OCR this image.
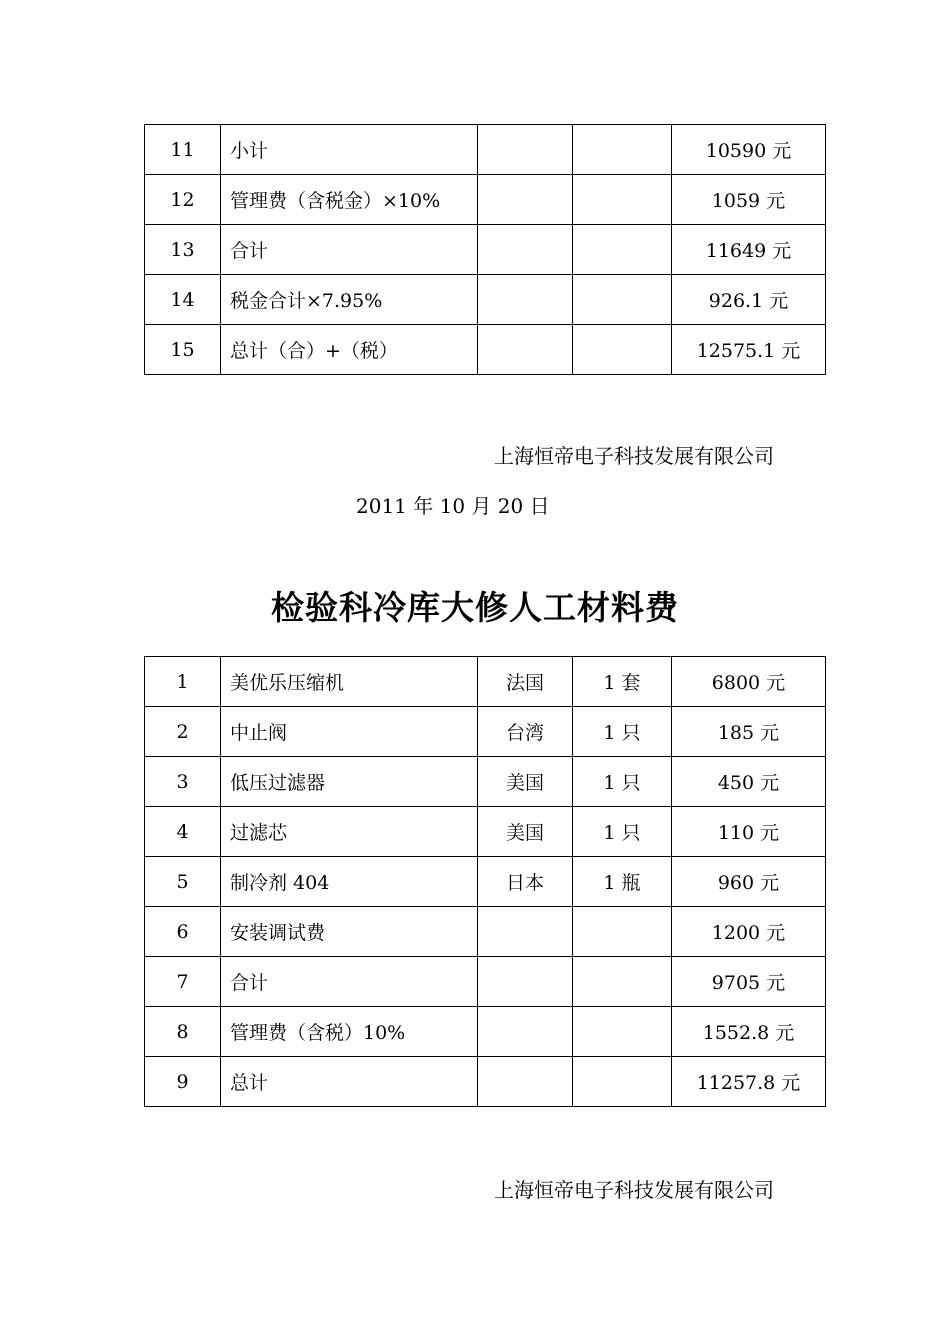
11	小计			10590 元
12	管理费（含税金）×10%			1059 元
13	合计			11649 元
14	税金合计×7.95%			926.1 元
15	总计（合）+（税）			12575.1 元
上海恒帝电子科技发展有限公司
2011 年 10 月 20 日
检验科冷库大修人工材料费
1	美优乐压缩机	法国	1 套	6800 元
2	中止阀	台湾	1 只	185 元
3	低压过滤器	美国	1 只	450 元
4	过滤芯	美国	1 只	110 元
5	制冷剂 404	日本	1 瓶	960 元
6	安装调试费			1200 元
7	合计			9705 元
8	管理费（含税）10%			1552.8 元
9	总计			11257.8 元
上海恒帝电子科技发展有限公司
